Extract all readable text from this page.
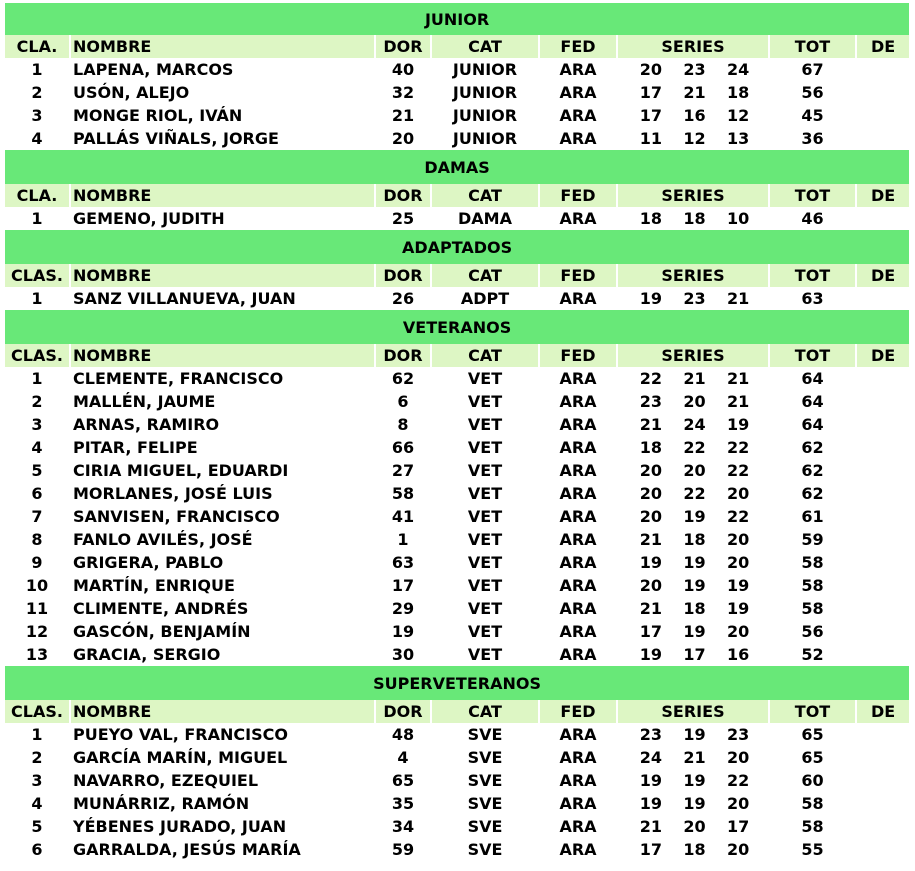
JUNIOR									
CLA.	NOMBRE	DOR	CAT	FED	SERIES			TOT	DE
1	LAPENA, MARCOS	40	JUNIOR	ARA	20	23	24	67	
2	USÓN, ALEJO	32	JUNIOR	ARA	17	21	18	56	
3	MONGE RIOL, IVÁN	21	JUNIOR	ARA	17	16	12	45	
4	PALLÁS VIÑALS, JORGE	20	JUNIOR	ARA	11	12	13	36	
DAMAS									
CLA.	NOMBRE	DOR	CAT	FED	SERIES			TOT	DE
1	GEMENO, JUDITH	25	DAMA	ARA	18	18	10	46	
ADAPTADOS									
CLAS.	NOMBRE	DOR	CAT	FED	SERIES			TOT	DE
1	SANZ VILLANUEVA, JUAN	26	ADPT	ARA	19	23	21	63	
VETERANOS									
CLAS.	NOMBRE	DOR	CAT	FED	SERIES			TOT	DE
1	CLEMENTE, FRANCISCO	62	VET	ARA	22	21	21	64	
2	MALLÉN, JAUME	6	VET	ARA	23	20	21	64	
3	ARNAS, RAMIRO	8	VET	ARA	21	24	19	64	
4	PITAR, FELIPE	66	VET	ARA	18	22	22	62	
5	CIRIA MIGUEL, EDUARDI	27	VET	ARA	20	20	22	62	
6	MORLANES, JOSÉ LUIS	58	VET	ARA	20	22	20	62	
7	SANVISEN, FRANCISCO	41	VET	ARA	20	19	22	61	
8	FANLO AVILÉS, JOSÉ	1	VET	ARA	21	18	20	59	
9	GRIGERA, PABLO	63	VET	ARA	19	19	20	58	
10	MARTÍN, ENRIQUE	17	VET	ARA	20	19	19	58	
11	CLIMENTE, ANDRÉS	29	VET	ARA	21	18	19	58	
12	GASCÓN, BENJAMÍN	19	VET	ARA	17	19	20	56	
13	GRACIA, SERGIO	30	VET	ARA	19	17	16	52	
SUPERVETERANOS									
CLAS.	NOMBRE	DOR	CAT	FED	SERIES			TOT	DE
1	PUEYO VAL, FRANCISCO	48	SVE	ARA	23	19	23	65	
2	GARCÍA MARÍN, MIGUEL	4	SVE	ARA	24	21	20	65	
3	NAVARRO, EZEQUIEL	65	SVE	ARA	19	19	22	60	
4	MUNÁRRIZ, RAMÓN	35	SVE	ARA	19	19	20	58	
5	YÉBENES JURADO, JUAN	34	SVE	ARA	21	20	17	58	
6	GARRALDA, JESÚS MARÍA	59	SVE	ARA	17	18	20	55	
